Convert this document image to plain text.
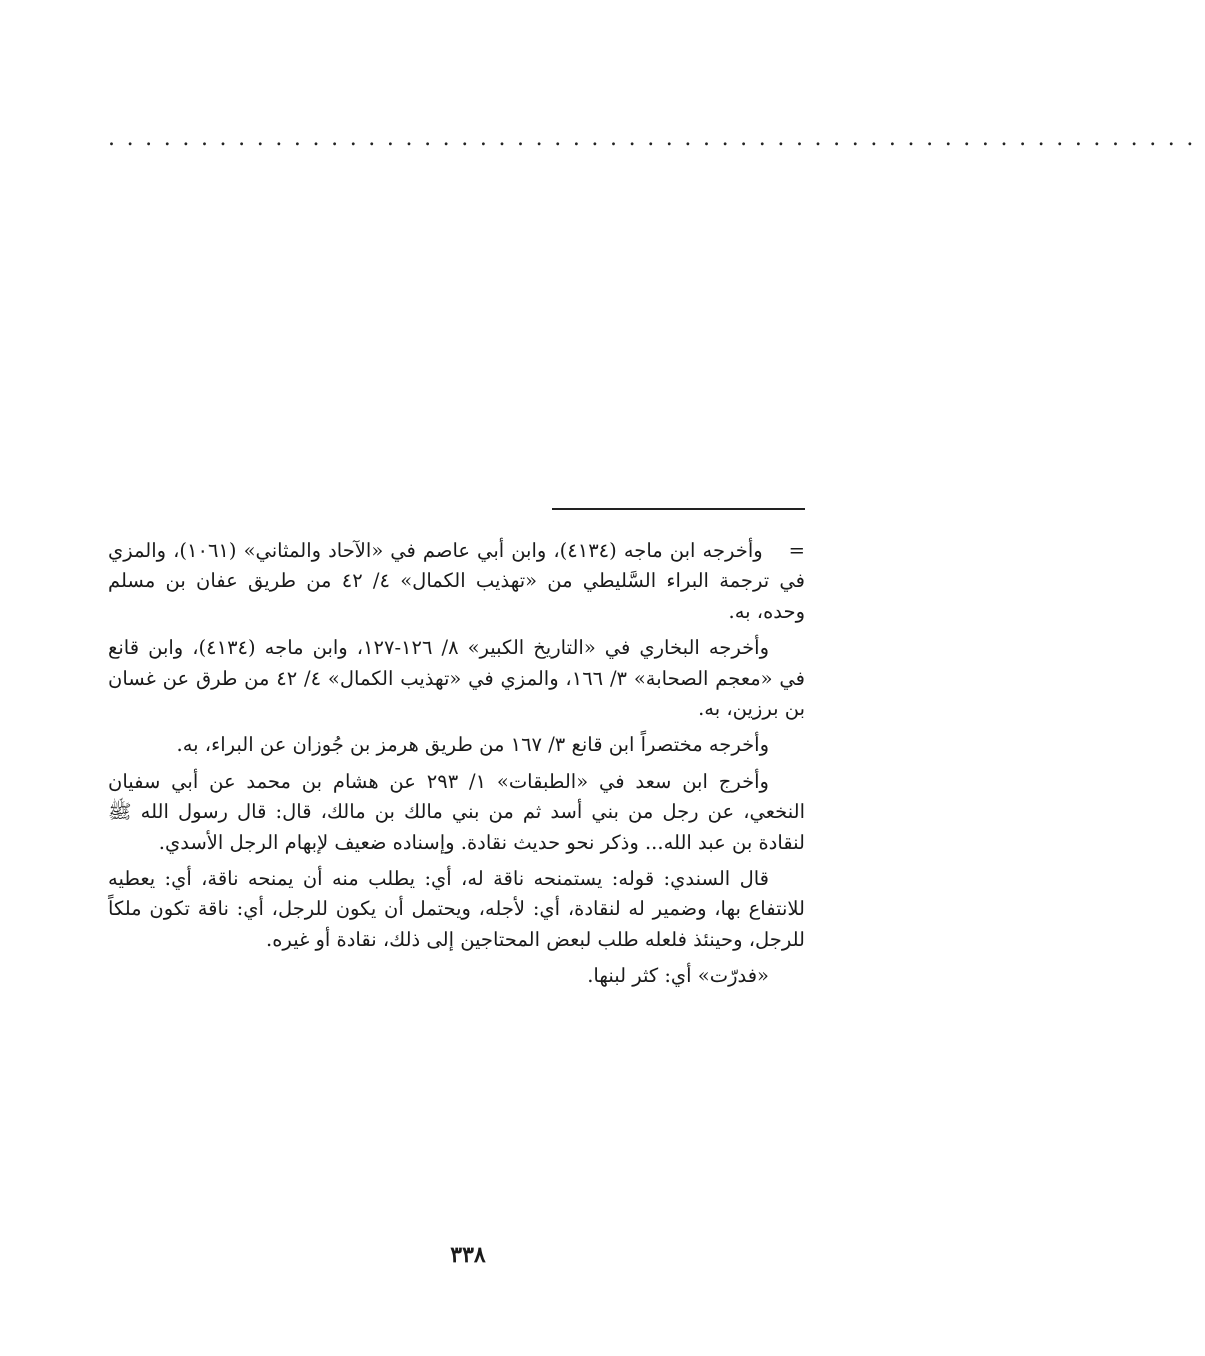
...........................................................

=وأخرجه ابن ماجه (٤١٣٤)، وابن أبي عاصم في «الآحاد والمثاني» (١٠٦١)، والمزي في ترجمة البراء السَّليطي من «تهذيب الكمال» ٤/ ٤٢ من طريق عفان بن مسلم وحده، به.

وأخرجه البخاري في «التاريخ الكبير» ٨/ ١٢٦-١٢٧، وابن ماجه (٤١٣٤)، وابن قانع في «معجم الصحابة» ٣/ ١٦٦، والمزي في «تهذيب الكمال» ٤/ ٤٢ من طرق عن غسان بن برزين، به.

وأخرجه مختصراً ابن قانع ٣/ ١٦٧ من طريق هرمز بن جُوزان عن البراء، به.

وأخرج ابن سعد في «الطبقات» ١/ ٢٩٣ عن هشام بن محمد عن أبي سفيان النخعي، عن رجل من بني أسد ثم من بني مالك بن مالك، قال: قال رسول الله ﷺ لنقادة بن عبد الله... وذكر نحو حديث نقادة. وإسناده ضعيف لإبهام الرجل الأسدي.

قال السندي: قوله: يستمنحه ناقة له، أي: يطلب منه أن يمنحه ناقة، أي: يعطيه للانتفاع بها، وضمير له لنقادة، أي: لأجله، ويحتمل أن يكون للرجل، أي: ناقة تكون ملكاً للرجل، وحينئذ فلعله طلب لبعض المحتاجين إلى ذلك، نقادة أو غيره.

«فدرّت» أي: كثر لبنها.

٣٣٨
